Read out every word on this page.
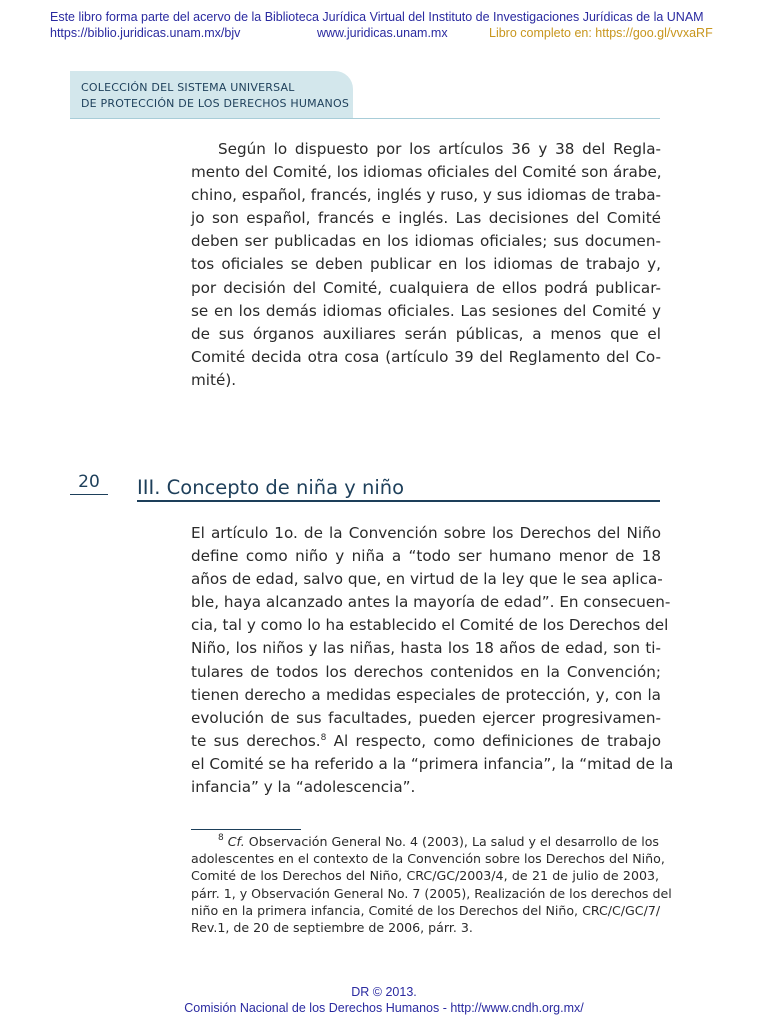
Este libro forma parte del acervo de la Biblioteca Jurídica Virtual del Instituto de Investigaciones Jurídicas de la UNAM
https://biblio.juridicas.unam.mx/bjv	www.juridicas.unam.mx	Libro completo en: https://goo.gl/vvxaRF
COLECCIÓN DEL SISTEMA UNIVERSAL
DE PROTECCIÓN DE LOS DERECHOS HUMANOS
Según lo dispuesto por los artículos 36 y 38 del Regla-
mento del Comité, los idiomas oficiales del Comité son árabe,
chino, español, francés, inglés y ruso, y sus idiomas de traba-
jo son español, francés e inglés. Las decisiones del Comité
deben ser publicadas en los idiomas oficiales; sus documen-
tos oficiales se deben publicar en los idiomas de trabajo y,
por decisión del Comité, cualquiera de ellos podrá publicar-
se en los demás idiomas oficiales. Las sesiones del Comité y
de sus órganos auxiliares serán públicas, a menos que el
Comité decida otra cosa (artículo 39 del Reglamento del Co-
mité).
20	III. Concepto de niña y niño
El artículo 1o. de la Convención sobre los Derechos del Niño
define como niño y niña a “todo ser humano menor de 18
años de edad, salvo que, en virtud de la ley que le sea aplica-
ble, haya alcanzado antes la mayoría de edad”. En consecuen-
cia, tal y como lo ha establecido el Comité de los Derechos del
Niño, los niños y las niñas, hasta los 18 años de edad, son ti-
tulares de todos los derechos contenidos en la Convención;
tienen derecho a medidas especiales de protección, y, con la
evolución de sus facultades, pueden ejercer progresivamen-
te sus derechos.$^8$ Al respecto, como definiciones de trabajo
el Comité se ha referido a la “primera infancia”, la “mitad de la
infancia” y la “adolescencia”.
$^8$ Cf. Observación General No. 4 (2003), La salud y el desarrollo de los
adolescentes en el contexto de la Convención sobre los Derechos del Niño,
Comité de los Derechos del Niño, CRC/GC/2003/4, de 21 de julio de 2003,
párr. 1, y Observación General No. 7 (2005), Realización de los derechos del
niño en la primera infancia, Comité de los Derechos del Niño, CRC/C/GC/7/
Rev.1, de 20 de septiembre de 2006, párr. 3.
DR © 2013.
Comisión Nacional de los Derechos Humanos - http://www.cndh.org.mx/
